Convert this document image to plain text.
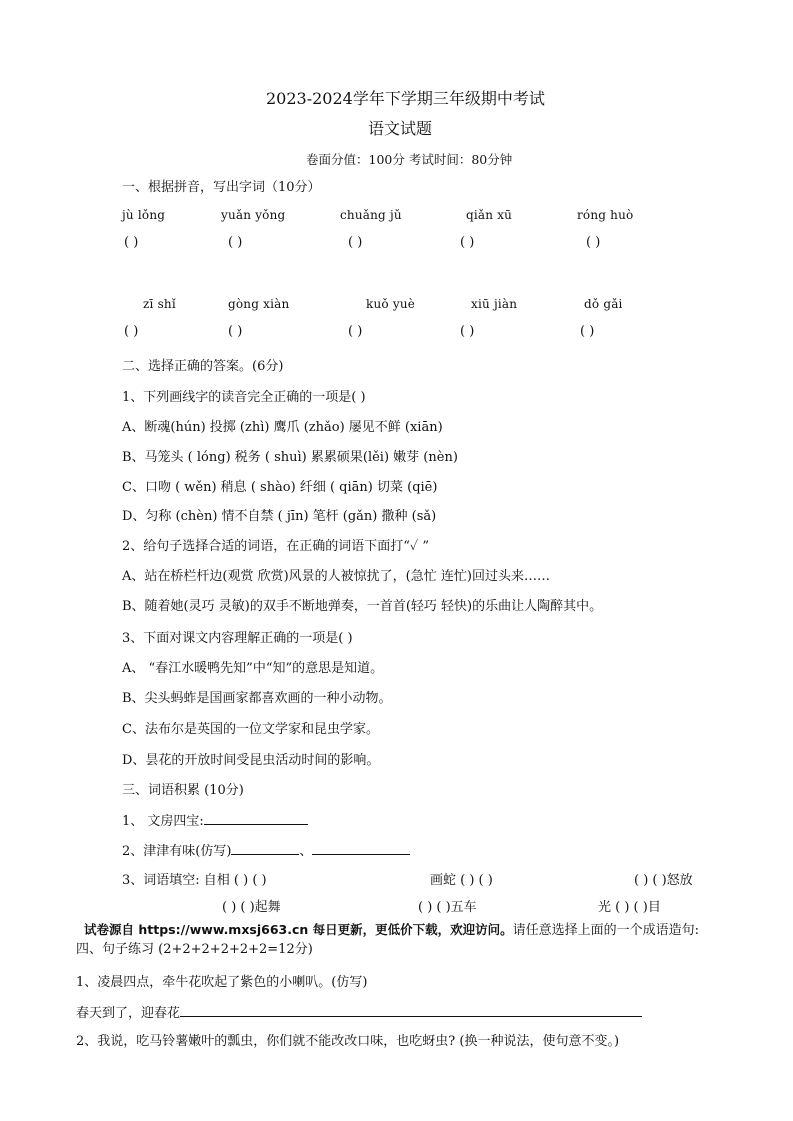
2023-2024学年下学期三年级期中考试
语文试题
卷面分值：100分 考试时间：80分钟
一、根据拼音，写出字词（10分）
jù lǒng	yuǎn yǒng	chuǎng jǔ	qiǎn xū	róng huò
( )	( )	( )	( )	( )
zī shǐ	gòng xiàn	kuǒ yuè	xiū jiàn	dǒ gǎi
( )	( )	( )	( )	( )
二、选择正确的答案。(6分)
1、下列画线字的读音完全正确的一项是( )
A、断魂(hún) 投掷 (zhì) 鹰爪 (zhǎo) 屡见不鲜 (xiān)
B、马笼头 ( lóng) 税务 ( shuì) 累累硕果(lěi) 嫩芽 (nèn)
C、口吻 ( wěn) 稍息 ( shào) 纤细 ( qiān) 切菜 (qiē)
D、匀称 (chèn) 情不自禁 ( jīn) 笔杆 (gǎn) 撒种 (sǎ)
2、给句子选择合适的词语，在正确的词语下面打“✓ ”
A、站在桥栏杆边(观赏 欣赏)风景的人被惊扰了，(急忙 连忙)回过头来……
B、随着她(灵巧 灵敏)的双手不断地弹奏，一首首(轻巧 轻快)的乐曲让人陶醉其中。
3、下面对课文内容理解正确的一项是( )
A、 “春江水暖鸭先知”中“知”的意思是知道。
B、尖头蚂蚱是国画家都喜欢画的一种小动物。
C、法布尔是英国的一位文学家和昆虫学家。
D、昙花的开放时间受昆虫活动时间的影响。
三、词语积累 (10分)
1、 文房四宝:
2、津津有味(仿写)	、
3、词语填空: 自相 ( ) ( )	画蛇 ( ) ( )	( ) ( )怒放
( ) ( )起舞	( ) ( )五车	光 ( ) ( )目
试卷源自 https://www.mxsj663.cn 每日更新，更低价下载，欢迎访问。请任意选择上面的一个成语造句:
四、句子练习 (2+2+2+2+2+2=12分)
1、凌晨四点，牵牛花吹起了紫色的小喇叭。(仿写)
春天到了，迎春花
2、我说，吃马铃薯嫩叶的瓢虫，你们就不能改改口味，也吃蚜虫? (换一种说法，使句意不变。)
